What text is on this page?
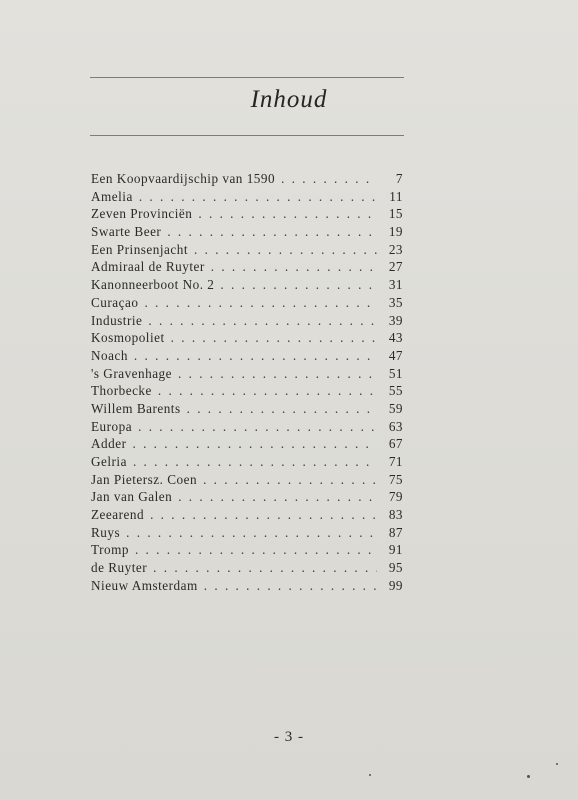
Inhoud
Een Koopvaardijschip van 1590 . . .	7
Amelia . . .	11
Zeven Provinciën . . .	15
Swarte Beer . . .	19
Een Prinsenjacht . . .	23
Admiraal de Ruyter . . .	27
Kanonneerboot No. 2 . . .	31
Curaçao . . .	35
Industrie . . .	39
Kosmopoliet . . .	43
Noach . . .	47
's Gravenhage . . .	51
Thorbecke . . .	55
Willem Barents . . .	59
Europa . . .	63
Adder . . .	67
Gelria . . .	71
Jan Pietersz. Coen . . .	75
Jan van Galen . . .	79
Zeearend . . .	83
Ruys . . .	87
Tromp . . .	91
de Ruyter . . .	95
Nieuw Amsterdam . . .	99
- 3 -
